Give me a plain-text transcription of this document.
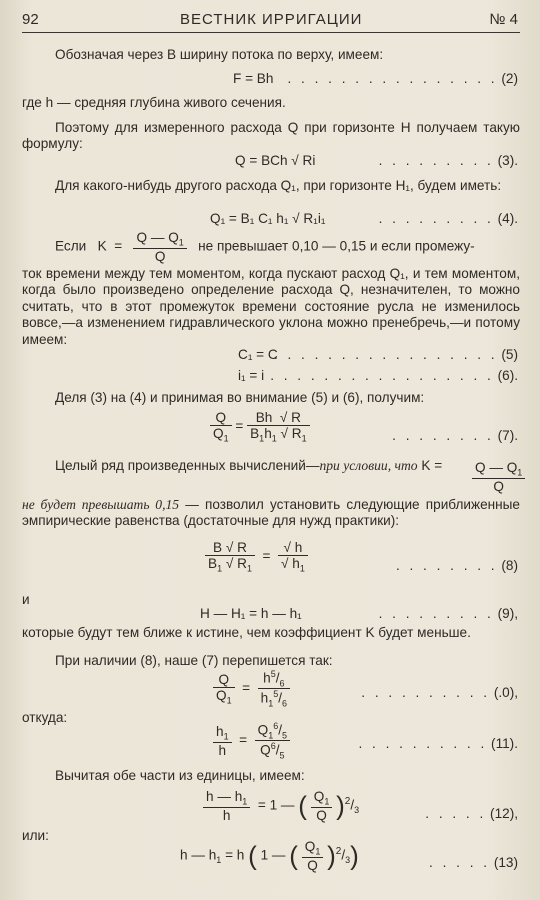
92	ВЕСТНИК ИРРИГАЦИИ	№ 4
Обозначая через B ширину потока по верху, имеем:
F = Bh . . . . . . . . . . . . . . . . (2)
где h — средняя глубина живого сечения.
Поэтому для измеренного расхода Q при горизонте H получаем такую формулу:
Q = BCh √ Ri	. . . . . . . . . (3).
Для какого-нибудь другого расхода Q₁, при горизонте H₁, будем иметь:
Q₁ = B₁ C₁ h₁ √ R₁i₁	. . . . . . . . . (4).
Если   $K = \frac{Q — Q_1}{Q}$ не превышает 0,10 — 0,15 и если промежу-
ток времени между тем моментом, когда пускают расход Q₁, и тем моментом, когда было произведено определение расхода Q, незначителен, то можно считать, что в этот промежуток времени состояние русла не изменилось вовсе,—а изменением гидравлического уклона можно пренебречь,—и потому имеем:
C₁ = C
. . . . . . . . . . . . . . . . . (5)
i₁ = i . . . . . . . . . . . . . . . . . (6).
Деля (3) на (4) и принимая во внимание (5) и (6), получим:
$\frac{Q}{Q_1} = \frac{Bh √ R}{B_1h_1 √ R_1}$	. . . . . . . . (7).
Целый ряд произведенных вычислений—при условии, что $K = \frac{Q — Q_1}{Q}$
не будет превышать 0,15 — позволил установить следующие приближенные эмпирические равенства (достаточные для нужд практики):
$\frac{B √ R}{B_1 √ R_1} = \frac{√ h}{√ h_1}$	. . . . . . . . (8)
и
H — H₁ = h — h₁	. . . . . . . . . (9),
которые будут тем ближе к истине, чем коэффициент K будет меньше.
При наличии (8), наше (7) перепишется так:
$\frac{Q}{Q_1} = \frac{h^5/_6}{h_1^5/_6}$	. . . . . . . . . . (.0),
откуда:
$\frac{h_1}{h} = \frac{Q_1^6/_5}{Q^6/_5}$	. . . . . . . . . . (11).
Вычитая обе части из единицы, имеем:
$\frac{h — h_1}{h} = 1$ — ( $\frac{Q_1}{Q} )^2/_3$	. . . . . (12),
или:
h — $h_1 = h$ ( 1 — ( $\frac{Q_1}{Q} )^2/_3$)	. . . . . (13)
